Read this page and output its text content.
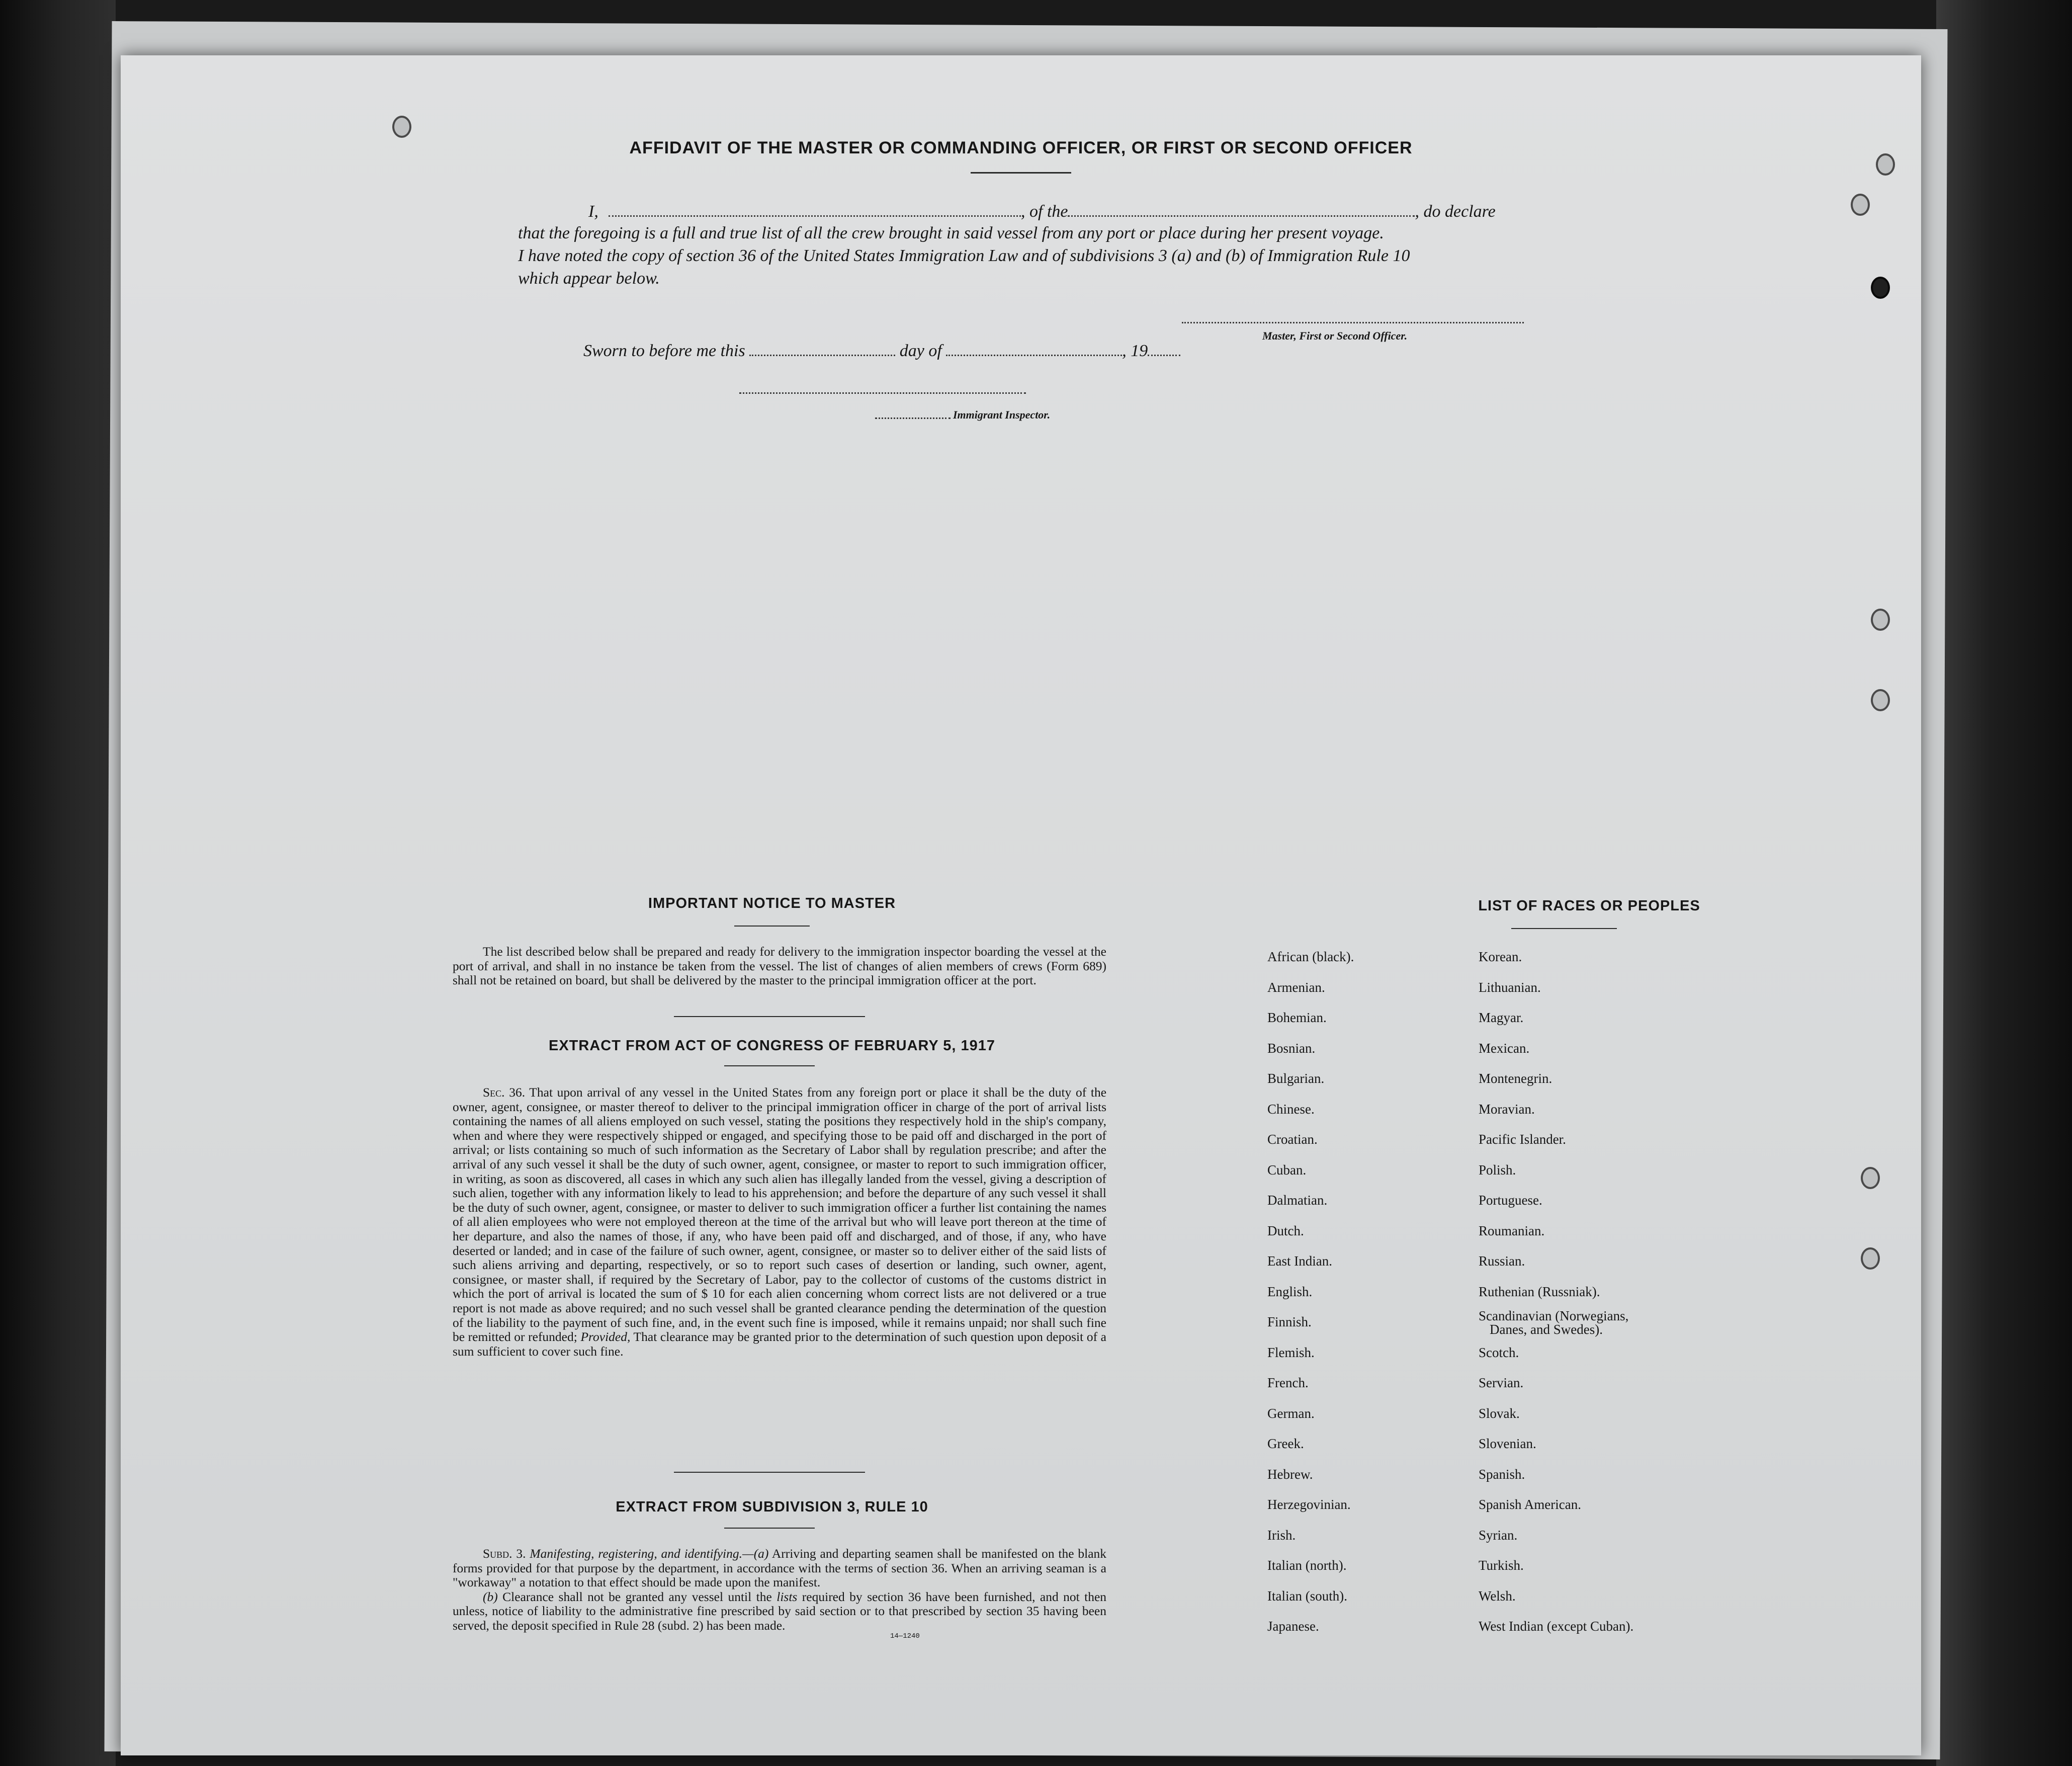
AFFIDAVIT OF THE MASTER OR COMMANDING OFFICER, OR FIRST OR SECOND OFFICER
I,	, of the	, do declare
that the foregoing is a full and true list of all the crew brought in said vessel from any port or place during her present voyage.
I have noted the copy of section 36 of the United States Immigration Law and of subdivisions 3 (a) and (b) of Immigration Rule 10
which appear below.
Master, First or Second Officer.
Sworn to before me this	day of	, 19
Immigrant Inspector.
IMPORTANT NOTICE TO MASTER
The list described below shall be prepared and ready for delivery to the immigration inspector boarding the vessel at the port of arrival, and shall in no instance be taken from the vessel. The list of changes of alien members of crews (Form 689) shall not be retained on board, but shall be delivered by the master to the principal immigration officer at the port.
EXTRACT FROM ACT OF CONGRESS OF FEBRUARY 5, 1917
Sec. 36. That upon arrival of any vessel in the United States from any foreign port or place it shall be the duty of the owner, agent, consignee, or master thereof to deliver to the principal immigration officer in charge of the port of arrival lists containing the names of all aliens employed on such vessel, stating the positions they respectively hold in the ship's company, when and where they were respectively shipped or engaged, and specifying those to be paid off and discharged in the port of arrival; or lists containing so much of such information as the Secretary of Labor shall by regulation prescribe; and after the arrival of any such vessel it shall be the duty of such owner, agent, consignee, or master to report to such immigration officer, in writing, as soon as discovered, all cases in which any such alien has illegally landed from the vessel, giving a description of such alien, together with any information likely to lead to his apprehension; and before the departure of any such vessel it shall be the duty of such owner, agent, consignee, or master to deliver to such immigration officer a further list containing the names of all alien employees who were not employed thereon at the time of the arrival but who will leave port thereon at the time of her departure, and also the names of those, if any, who have been paid off and discharged, and of those, if any, who have deserted or landed; and in case of the failure of such owner, agent, consignee, or master so to deliver either of the said lists of such aliens arriving and departing, respectively, or so to report such cases of desertion or landing, such owner, agent, consignee, or master shall, if required by the Secretary of Labor, pay to the collector of customs of the customs district in which the port of arrival is located the sum of $ 10 for each alien concerning whom correct lists are not delivered or a true report is not made as above required; and no such vessel shall be granted clearance pending the determination of the question of the liability to the payment of such fine, and, in the event such fine is imposed, while it remains unpaid; nor shall such fine be remitted or refunded; Provided, That clearance may be granted prior to the determination of such question upon deposit of a sum sufficient to cover such fine.
EXTRACT FROM SUBDIVISION 3, RULE 10

Subd. 3. Manifesting, registering, and identifying.—(a) Arriving and departing seamen shall be manifested on the blank forms provided for that purpose by the department, in accordance with the terms of section 36. When an arriving seaman is a "workaway" a notation to that effect should be made upon the manifest.

(b) Clearance shall not be granted any vessel until the lists required by section 36 have been furnished, and not then unless, notice of liability to the administrative fine prescribed by said section or to that prescribed by section 35 having been served, the deposit specified in Rule 28 (subd. 2) has been made.

14—1240
LIST OF RACES OR PEOPLES
African (black).
Armenian.
Bohemian.
Bosnian.
Bulgarian.
Chinese.
Croatian.
Cuban.
Dalmatian.
Dutch.
East Indian.
English.
Finnish.
Flemish.
French.
German.
Greek.
Hebrew.
Herzegovinian.
Irish.
Italian (north).
Italian (south).
Japanese.
Korean.
Lithuanian.
Magyar.
Mexican.
Montenegrin.
Moravian.
Pacific Islander.
Polish.
Portuguese.
Roumanian.
Russian.
Ruthenian (Russniak).
Scandinavian (Norwegians,
Danes, and Swedes).
Scotch.
Servian.
Slovak.
Slovenian.
Spanish.
Spanish American.
Syrian.
Turkish.
Welsh.
West Indian (except Cuban).
